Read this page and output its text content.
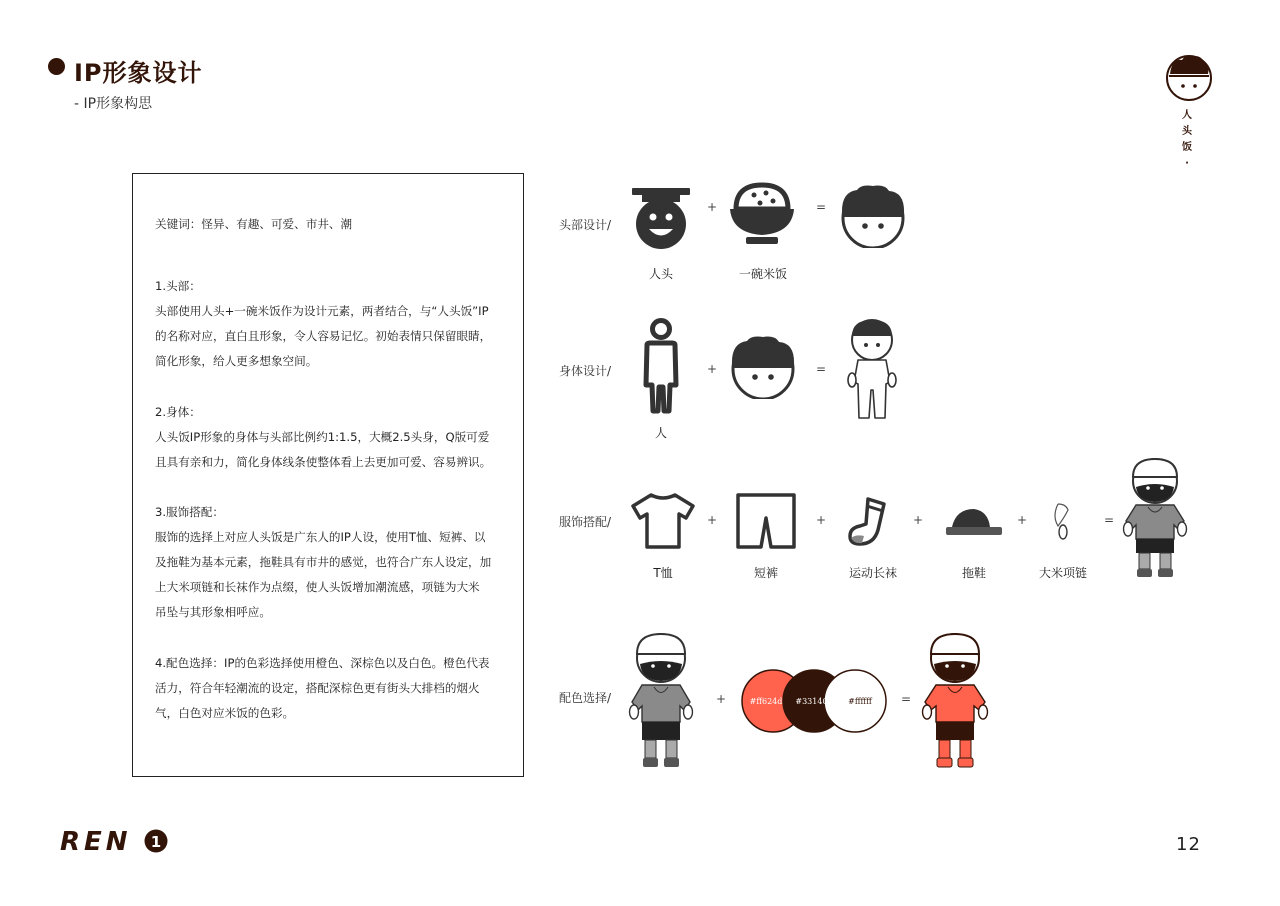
IP形象设计
- IP形象构思
人
头
饭
·
关键词：怪异、有趣、可爱、市井、潮
1.头部：
头部使用人头+一碗米饭作为设计元素，两者结合，与“人头饭”IP
的名称对应，直白且形象，令人容易记忆。初始表情只保留眼睛，
简化形象，给人更多想象空间。
2.身体：
人头饭IP形象的身体与头部比例约1:1.5，大概2.5头身，Q版可爱
且具有亲和力，简化身体线条使整体看上去更加可爱、容易辨识。
3.服饰搭配：
服饰的选择上对应人头饭是广东人的IP人设，使用T恤、短裤、以
及拖鞋为基本元素，拖鞋具有市井的感觉，也符合广东人设定，加
上大米项链和长袜作为点缀，使人头饭增加潮流感，项链为大米
吊坠与其形象相呼应。
4.配色选择：IP的色彩选择使用橙色、深棕色以及白色。橙色代表
活力，符合年轻潮流的设定，搭配深棕色更有街头大排档的烟火
气，白色对应米饭的色彩。
头部设计/
+	=
人头	一碗米饭
身体设计/	+	=
人
服饰搭配/	+	+	+	+	=
T恤	短裤	运动长袜	拖鞋	大米项链
配色选择/	+	#ff624d #331408 #ffffff =
REN 1	12
